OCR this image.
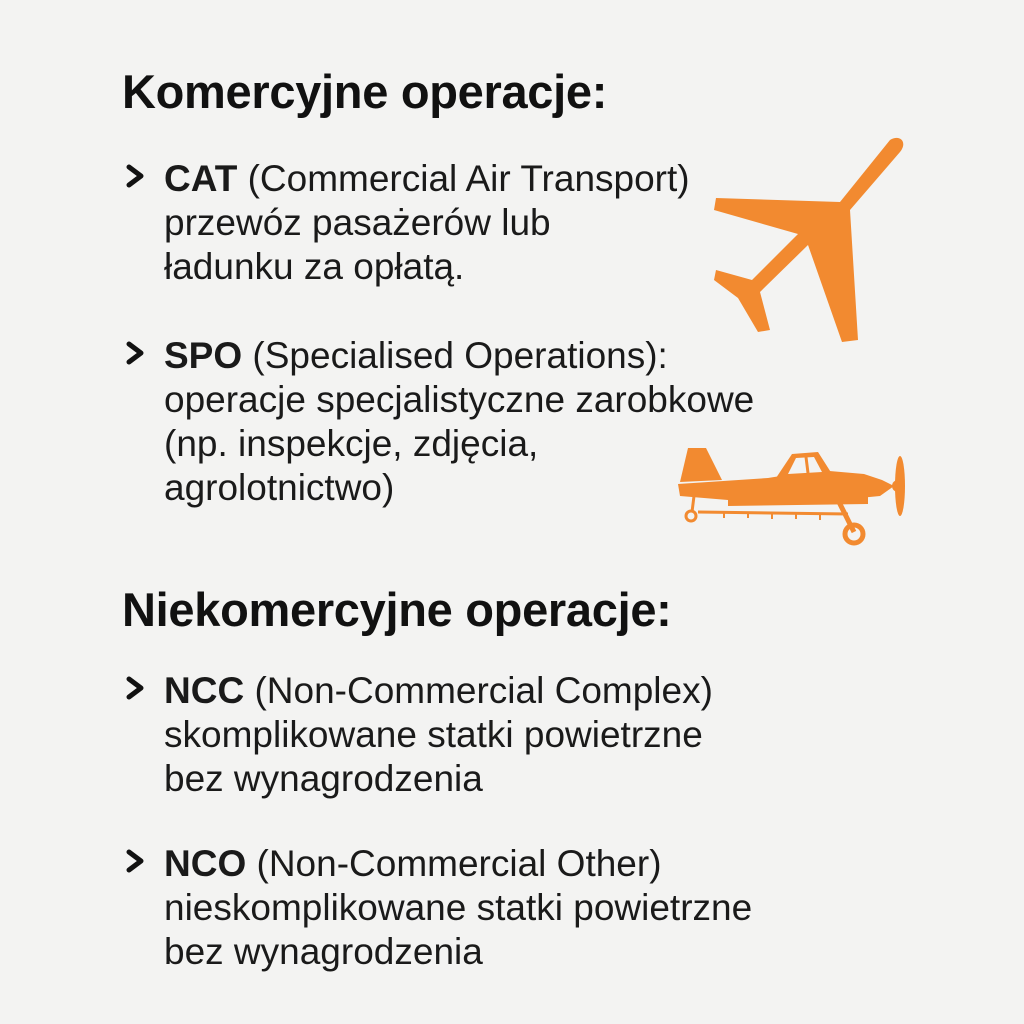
Komercyjne operacje:
CAT (Commercial Air Transport)
przewóz pasażerów lub
ładunku za opłatą.
SPO (Specialised Operations):
operacje specjalistyczne zarobkowe
(np. inspekcje, zdjęcia,
agrolotnictwo)
Niekomercyjne operacje:
NCC (Non-Commercial Complex)
skomplikowane statki powietrzne
bez wynagrodzenia
NCO (Non-Commercial Other)
nieskomplikowane statki powietrzne
bez wynagrodzenia
